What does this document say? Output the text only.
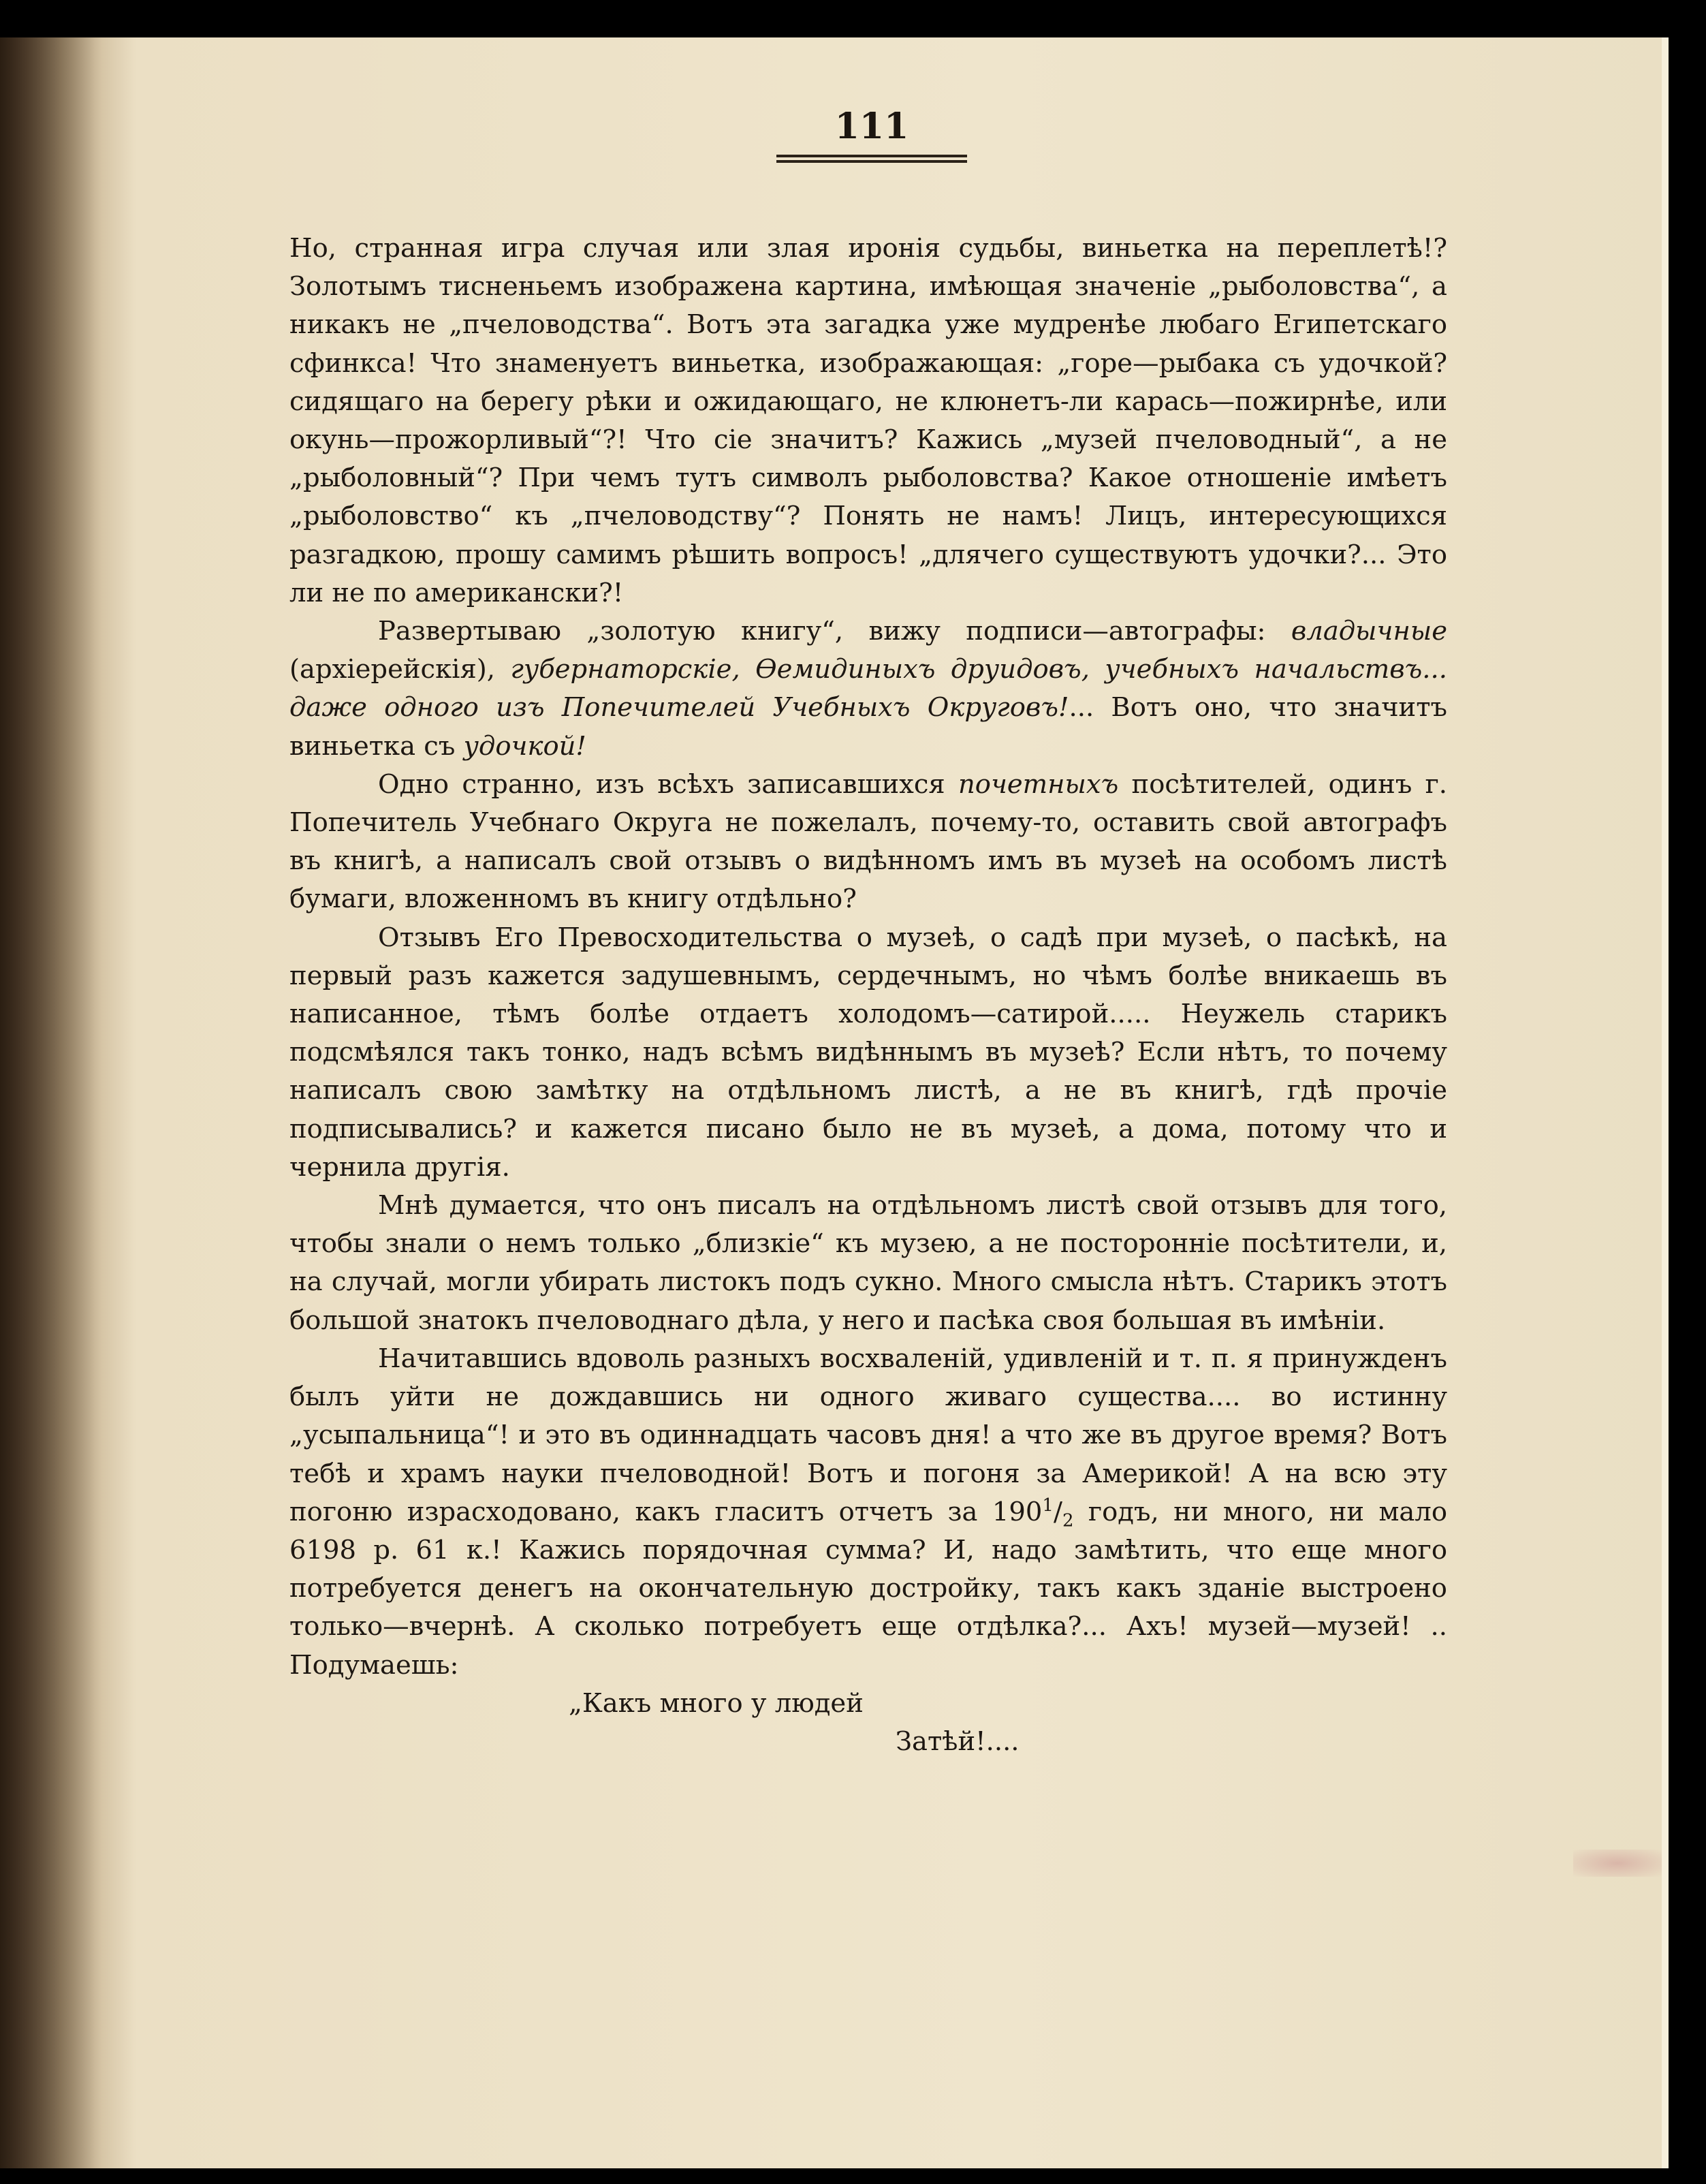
111

Но, странная игра случая или злая иронія судьбы, виньетка на переплетѣ!? Золотымъ тисненьемъ изображена картина, имѣющая значеніе „рыболовства“, а никакъ не „пчеловодства“. Вотъ эта загадка уже мудренѣе любаго Египетскаго сфинкса! Что знаменуетъ виньетка, изображающая: „горе—рыбака съ удочкой? сидящаго на берегу рѣки и ожидающаго, не клюнетъ-ли карась—пожирнѣе, или окунь—прожорливый“?! Что сіе значитъ? Кажись „музей пчеловодный“, а не „рыболовный“? При чемъ тутъ символъ рыболовства? Какое отношеніе имѣетъ „рыболовство“ къ „пчеловодству“? Понять не намъ! Лицъ, интересующихся разгадкою, прошу самимъ рѣшить вопросъ! „длячего существуютъ удочки?... Это ли не по американски?!

Развертываю „золотую книгу“, вижу подписи—автографы: владычные (архіерейскія), губернаторскіе, Өемидиныхъ друидовъ, учебныхъ начальствъ... даже одного изъ Попечителей Учебныхъ Округовъ!... Вотъ оно, что значитъ виньетка съ удочкой!

Одно странно, изъ всѣхъ записавшихся почетныхъ посѣтителей, одинъ г. Попечитель Учебнаго Округа не пожелалъ, почему-то, оставить свой автографъ въ книгѣ, а написалъ свой отзывъ о видѣнномъ имъ въ музеѣ на особомъ листѣ бумаги, вложенномъ въ книгу отдѣльно?

Отзывъ Его Превосходительства о музеѣ, о садѣ при музеѣ, о пасѣкѣ, на первый разъ кажется задушевнымъ, сердечнымъ, но чѣмъ болѣе вникаешь въ написанное, тѣмъ болѣе отдаетъ холодомъ—сатирой..... Неужель старикъ подсмѣялся такъ тонко, надъ всѣмъ видѣннымъ въ музеѣ? Если нѣтъ, то почему написалъ свою замѣтку на отдѣльномъ листѣ, а не въ книгѣ, гдѣ прочіе подписывались? и кажется писано было не въ музеѣ, а дома, потому что и чернила другія.

Мнѣ думается, что онъ писалъ на отдѣльномъ листѣ свой отзывъ для того, чтобы знали о немъ только „близкіе“ къ музею, а не посторонніе посѣтители, и, на случай, могли убирать листокъ подъ сукно. Много смысла нѣтъ. Старикъ этотъ большой знатокъ пчеловоднаго дѣла, у него и пасѣка своя большая въ имѣніи.

Начитавшись вдоволь разныхъ восхваленій, удивленій и т. п. я принужденъ былъ уйти не дождавшись ни одного живаго существа.... во истинну „усыпальница“! и это въ одиннадцать часовъ дня! а что же въ другое время? Вотъ тебѣ и храмъ науки пчеловодной! Вотъ и погоня за Америкой! А на всю эту погоню израсходовано, какъ гласитъ отчетъ за $190^1/_2$ годъ, ни много, ни мало 6198 р. 61 к.! Кажись порядочная сумма? И, надо замѣтить, что еще много потребуется денегъ на окончательную достройку, такъ какъ зданіе выстроено только—вчернѣ. А сколько потребуетъ еще отдѣлка?... Ахъ! музей—музей! .. Подумаешь:

„Какъ много у людей

Затѣй!....
